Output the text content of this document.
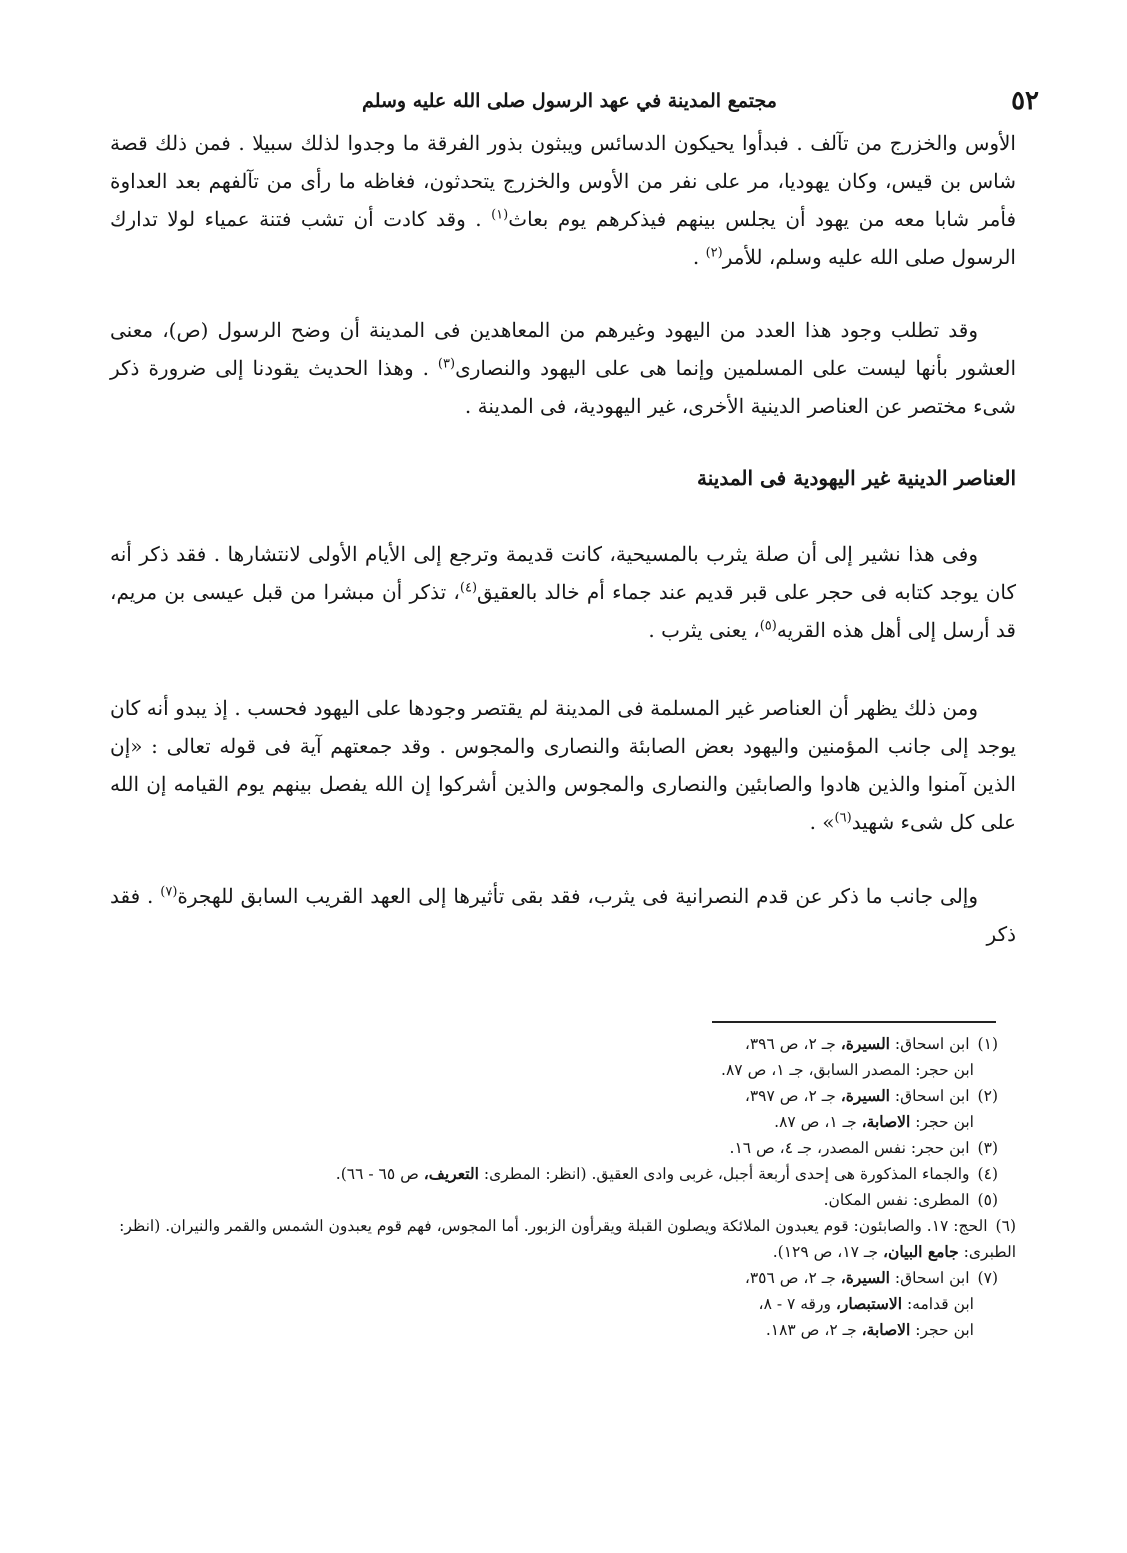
٥٢
مجتمع المدينة في عهد الرسول صلى الله عليه وسلم

الأوس والخزرج من تآلف . فبدأوا يحيكون الدسائس ويبثون بذور الفرقة ما وجدوا لذلك سبيلا . فمن ذلك قصة شاس بن قيس، وكان يهوديا، مر على نفر من الأوس والخزرج يتحدثون، فغاظه ما رأى من تآلفهم بعد العداوة فأمر شابا معه من يهود أن يجلس بينهم فيذكرهم يوم بعاث$^{(١)}$ . وقد كادت أن تشب فتنة عمياء لولا تدارك الرسول صلى الله عليه وسلم، للأمر$^{(٢)}$ .

وقد تطلب وجود هذا العدد من اليهود وغيرهم من المعاهدين فى المدينة أن وضح الرسول (ص)، معنى العشور بأنها ليست على المسلمين وإنما هى على اليهود والنصارى$^{(٣)}$ . وهذا الحديث يقودنا إلى ضرورة ذكر شىء مختصر عن العناصر الدينية الأخرى، غير اليهودية، فى المدينة .

العناصر الدينية غير اليهودية فى المدينة

وفى هذا نشير إلى أن صلة يثرب بالمسيحية، كانت قديمة وترجع إلى الأيام الأولى لانتشارها . فقد ذكر أنه كان يوجد كتابه فى حجر على قبر قديم عند جماء أم خالد بالعقيق$^{(٤)}$، تذكر أن مبشرا من قبل عيسى بن مريم، قد أرسل إلى أهل هذه القريه$^{(٥)}$، يعنى يثرب .

ومن ذلك يظهر أن العناصر غير المسلمة فى المدينة لم يقتصر وجودها على اليهود فحسب . إذ يبدو أنه كان يوجد إلى جانب المؤمنين واليهود بعض الصابئة والنصارى والمجوس . وقد جمعتهم آية فى قوله تعالى : «إن الذين آمنوا والذين هادوا والصابئين والنصارى والمجوس والذين أشركوا إن الله يفصل بينهم يوم القيامه إن الله على كل شىء شهيد$^{(٦)}$» .

وإلى جانب ما ذكر عن قدم النصرانية فى يثرب، فقد بقى تأثيرها إلى العهد القريب السابق للهجرة$^{(٧)}$ . فقد ذكر

(١)ابن اسحاق: السيرة، جـ ٢، ص ٣٩٦،

ابن حجر: المصدر السابق، جـ ١، ص ٨٧.

(٢)ابن اسحاق: السيرة، جـ ٢، ص ٣٩٧،

ابن حجر: الاصابة، جـ ١، ص ٨٧.

(٣)ابن حجر: نفس المصدر، جـ ٤، ص ١٦.

(٤)والجماء المذكورة هى إحدى أربعة أجبل، غربى وادى العقيق. (انظر: المطرى: التعريف، ص ٦٥ - ٦٦).

(٥)المطرى: نفس المكان.

(٦)الحج: ١٧. والصابئون: قوم يعبدون الملائكة ويصلون القبلة ويقرأون الزبور. أما المجوس، فهم قوم يعبدون الشمس والقمر والنيران. (انظر: الطبرى: جامع البيان، جـ ١٧، ص ١٢٩).

(٧)ابن اسحاق: السيرة، جـ ٢، ص ٣٥٦،

ابن قدامه: الاستبصار، ورقه ٧ - ٨،

ابن حجر: الاصابة، جـ ٢، ص ١٨٣.
